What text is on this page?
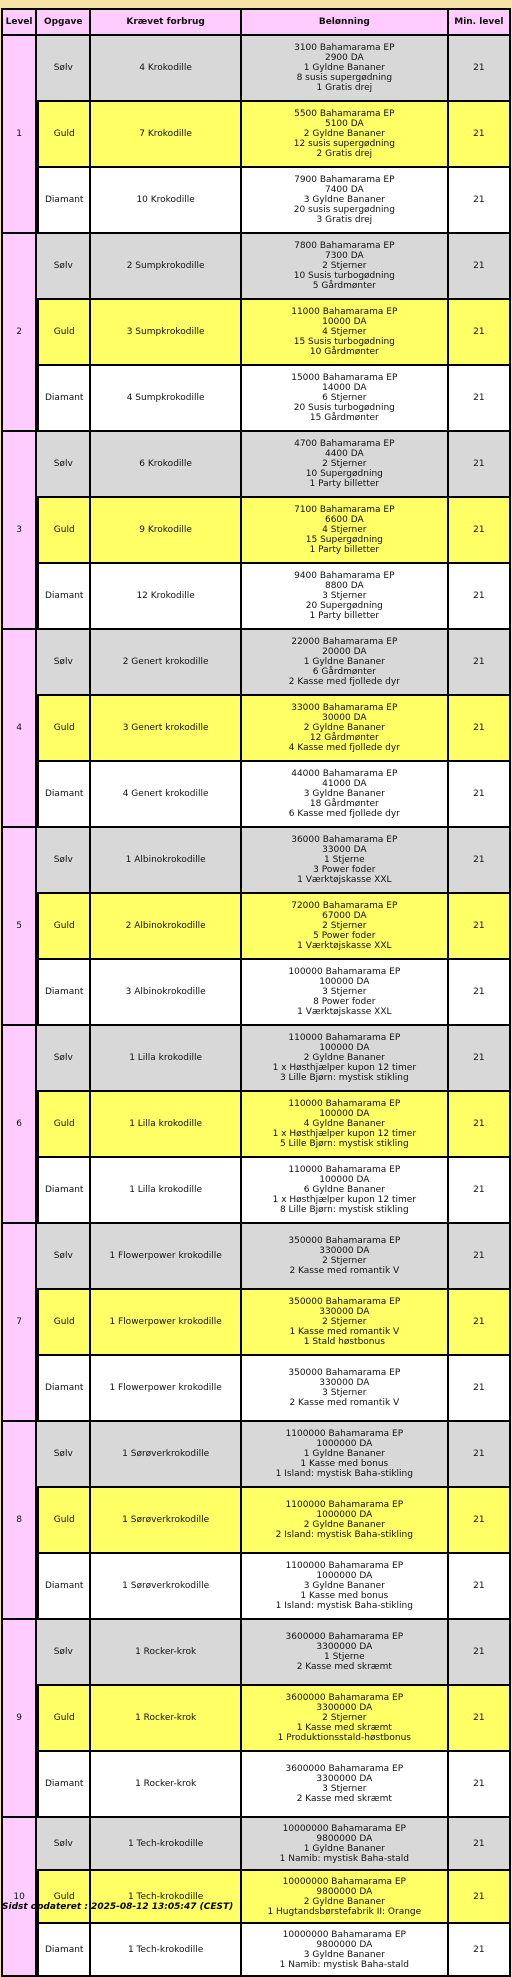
Level	Opgave	Krævet forbrug	Belønning	Min. level
1	Sølv	4 Krokodille	3100 Bahamarama EP
2900 DA
1 Gyldne Bananer
8 susis supergødning
1 Gratis drej	21
	Guld	7 Krokodille	5500 Bahamarama EP
5100 DA
2 Gyldne Bananer
12 susis supergødning
2 Gratis drej	21
	Diamant	10 Krokodille	7900 Bahamarama EP
7400 DA
3 Gyldne Bananer
20 susis supergødning
3 Gratis drej	21
2	Sølv	2 Sumpkrokodille	7800 Bahamarama EP
7300 DA
2 Stjerner
10 Susis turbogødning
5 Gårdmønter	21
	Guld	3 Sumpkrokodille	11000 Bahamarama EP
10000 DA
4 Stjerner
15 Susis turbogødning
10 Gårdmønter	21
	Diamant	4 Sumpkrokodille	15000 Bahamarama EP
14000 DA
6 Stjerner
20 Susis turbogødning
15 Gårdmønter	21
3	Sølv	6 Krokodille	4700 Bahamarama EP
4400 DA
2 Stjerner
10 Supergødning
1 Party billetter	21
	Guld	9 Krokodille	7100 Bahamarama EP
6600 DA
4 Stjerner
15 Supergødning
1 Party billetter	21
	Diamant	12 Krokodille	9400 Bahamarama EP
8800 DA
3 Stjerner
20 Supergødning
1 Party billetter	21
4	Sølv	2 Genert krokodille	22000 Bahamarama EP
20000 DA
1 Gyldne Bananer
6 Gårdmønter
2 Kasse med fjollede dyr	21
	Guld	3 Genert krokodille	33000 Bahamarama EP
30000 DA
2 Gyldne Bananer
12 Gårdmønter
4 Kasse med fjollede dyr	21
	Diamant	4 Genert krokodille	44000 Bahamarama EP
41000 DA
3 Gyldne Bananer
18 Gårdmønter
6 Kasse med fjollede dyr	21
5	Sølv	1 Albinokrokodille	36000 Bahamarama EP
33000 DA
1 Stjerne
3 Power foder
1 Værktøjskasse XXL	21
	Guld	2 Albinokrokodille	72000 Bahamarama EP
67000 DA
2 Stjerner
5 Power foder
1 Værktøjskasse XXL	21
	Diamant	3 Albinokrokodille	100000 Bahamarama EP
100000 DA
3 Stjerner
8 Power foder
1 Værktøjskasse XXL	21
6	Sølv	1 Lilla krokodille	110000 Bahamarama EP
100000 DA
2 Gyldne Bananer
1 x Høsthjælper kupon 12 timer
3 Lille Bjørn: mystisk stikling	21
	Guld	1 Lilla krokodille	110000 Bahamarama EP
100000 DA
4 Gyldne Bananer
1 x Høsthjælper kupon 12 timer
5 Lille Bjørn: mystisk stikling	21
	Diamant	1 Lilla krokodille	110000 Bahamarama EP
100000 DA
6 Gyldne Bananer
1 x Høsthjælper kupon 12 timer
8 Lille Bjørn: mystisk stikling	21
7	Sølv	1 Flowerpower krokodille	350000 Bahamarama EP
330000 DA
2 Stjerner
2 Kasse med romantik V	21
	Guld	1 Flowerpower krokodille	350000 Bahamarama EP
330000 DA
2 Stjerner
1 Kasse med romantik V
1 Stald høstbonus	21
	Diamant	1 Flowerpower krokodille	350000 Bahamarama EP
330000 DA
3 Stjerner
2 Kasse med romantik V	21
8	Sølv	1 Sørøverkrokodille	1100000 Bahamarama EP
1000000 DA
1 Gyldne Bananer
1 Kasse med bonus
1 Island: mystisk Baha-stikling	21
	Guld	1 Sørøverkrokodille	1100000 Bahamarama EP
1000000 DA
2 Gyldne Bananer
2 Island: mystisk Baha-stikling	21
	Diamant	1 Sørøverkrokodille	1100000 Bahamarama EP
1000000 DA
3 Gyldne Bananer
1 Kasse med bonus
1 Island: mystisk Baha-stikling	21
9	Sølv	1 Rocker-krok	3600000 Bahamarama EP
3300000 DA
1 Stjerne
2 Kasse med skræmt	21
	Guld	1 Rocker-krok	3600000 Bahamarama EP
3300000 DA
2 Stjerner
1 Kasse med skræmt
1 Produktionsstald-høstbonus	21
	Diamant	1 Rocker-krok	3600000 Bahamarama EP
3300000 DA
3 Stjerner
2 Kasse med skræmt	21
10	Sølv	1 Tech-krokodille	10000000 Bahamarama EP
9800000 DA
1 Gyldne Bananer
1 Namib: mystisk Baha-stald	21
	Guld	1 Tech-krokodille	10000000 Bahamarama EP
9800000 DA
2 Gyldne Bananer
1 Hugtandsbørstefabrik II: Orange	21
	Diamant	1 Tech-krokodille	10000000 Bahamarama EP
9800000 DA
3 Gyldne Bananer
1 Namib: mystisk Baha-stald	21
Sidst opdateret : 2025-08-12 13:05:47 (CEST)
